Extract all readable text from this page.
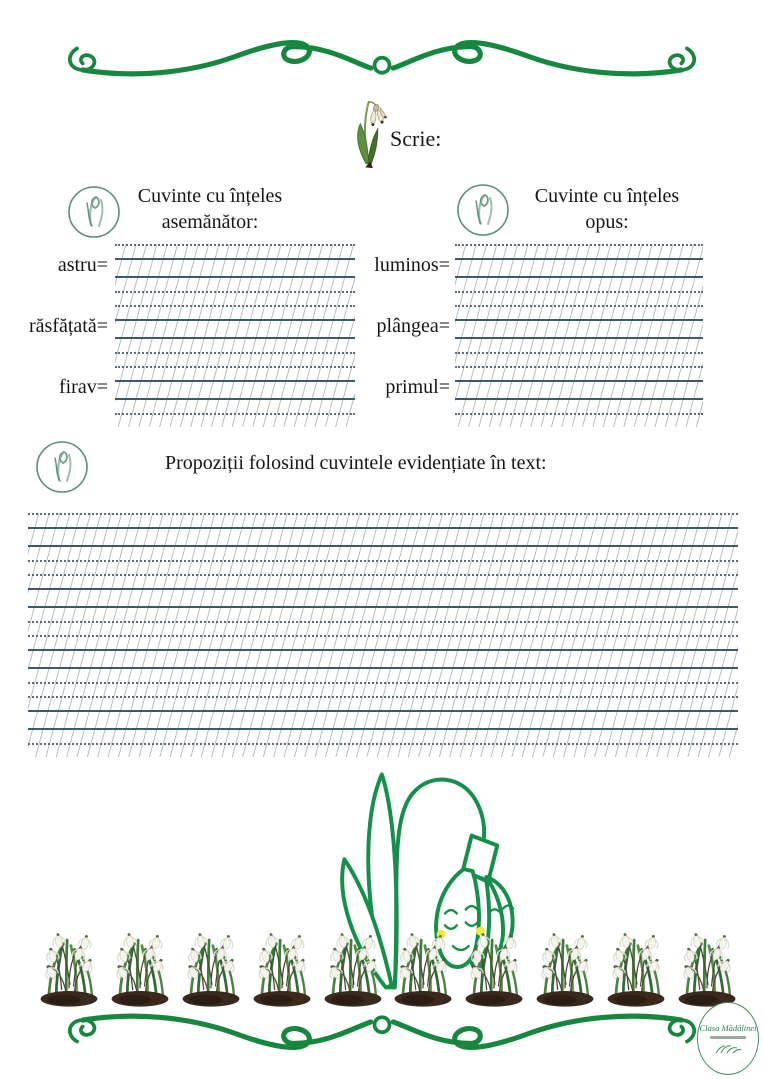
Scrie:
Cuvinte cu înțeles
asemănător:
astru=
răsfățată=
firav=
Cuvinte cu înțeles
opus:
luminos=
plângea=
primul=
Propoziții folosind cuvintele evidențiate în text:
Clasa Mădălinei
